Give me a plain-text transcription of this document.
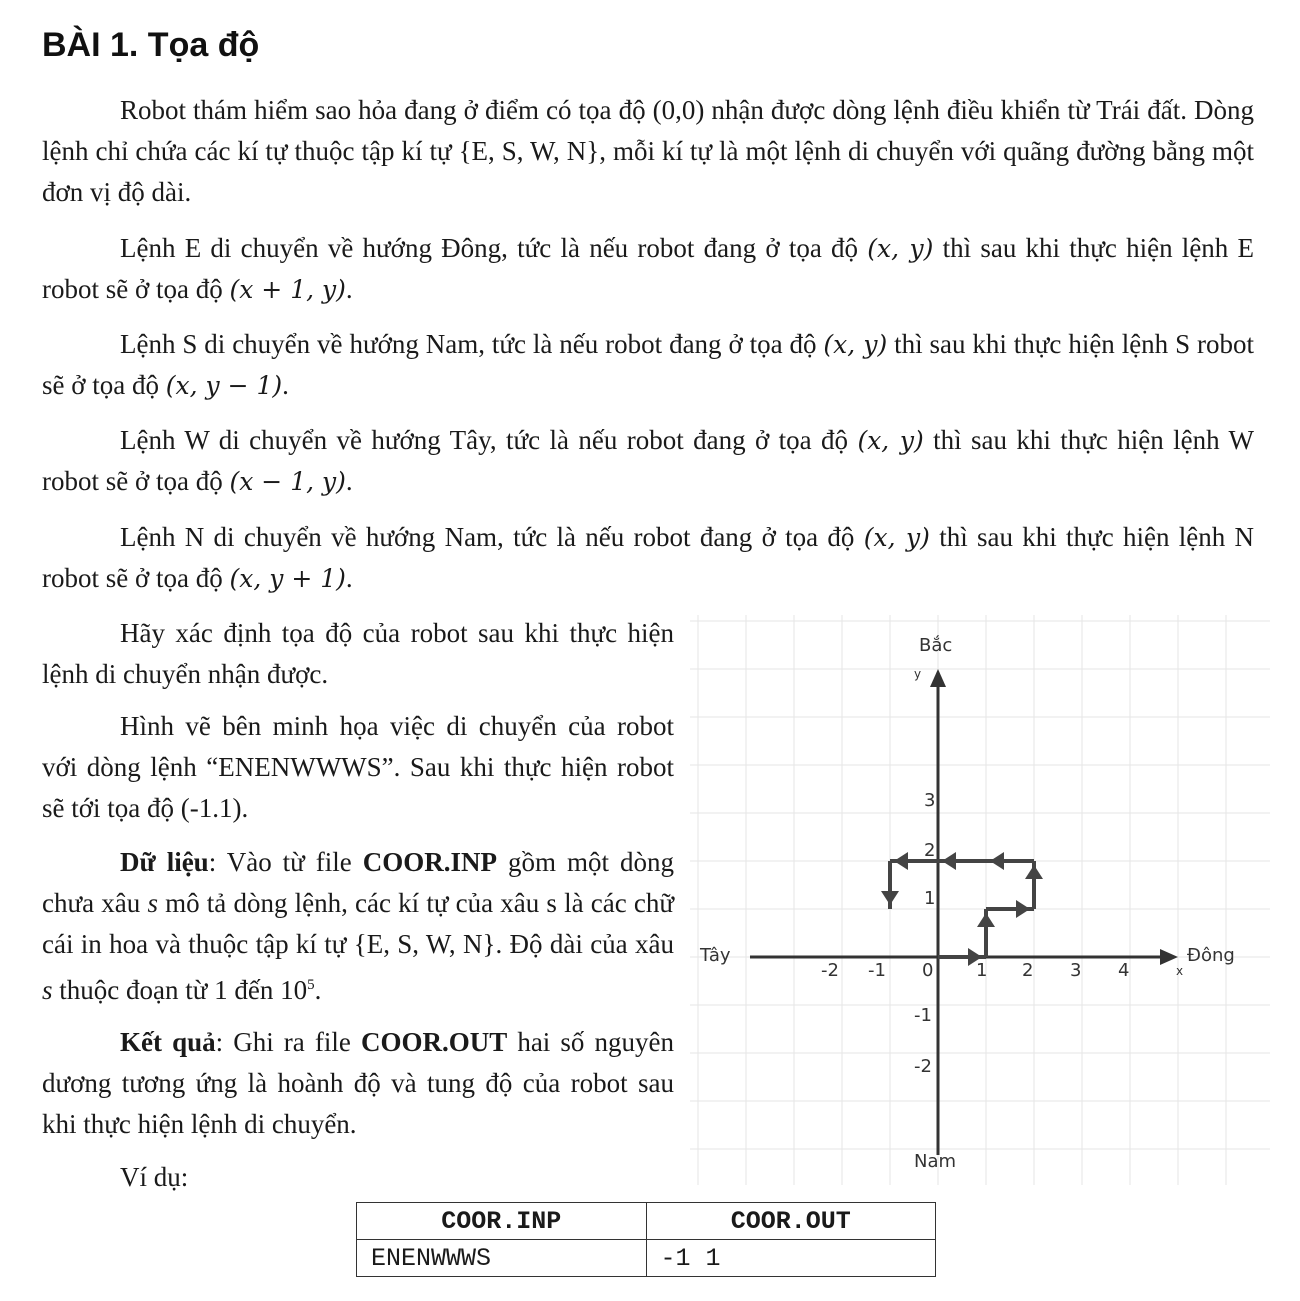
BÀI 1. Tọa độ

Robot thám hiểm sao hỏa đang ở điểm có tọa độ (0,0) nhận được dòng lệnh điều khiển từ Trái đất. Dòng lệnh chỉ chứa các kí tự thuộc tập kí tự {E, S, W, N}, mỗi kí tự là một lệnh di chuyển với quãng đường bằng một đơn vị độ dài.

Lệnh E di chuyển về hướng Đông, tức là nếu robot đang ở tọa độ (x, y) thì sau khi thực hiện lệnh E robot sẽ ở tọa độ (x + 1, y).

Lệnh S di chuyển về hướng Nam, tức là nếu robot đang ở tọa độ (x, y) thì sau khi thực hiện lệnh S robot sẽ ở tọa độ (x, y − 1).

Lệnh W di chuyển về hướng Tây, tức là nếu robot đang ở tọa độ (x, y) thì sau khi thực hiện lệnh W robot sẽ ở tọa độ (x − 1, y).

Lệnh N di chuyển về hướng Nam, tức là nếu robot đang ở tọa độ (x, y) thì sau khi thực hiện lệnh N robot sẽ ở tọa độ (x, y + 1).

Hãy xác định tọa độ của robot sau khi thực hiện lệnh di chuyển nhận được.

Hình vẽ bên minh họa việc di chuyển của robot với dòng lệnh “ENENWWWS”. Sau khi thực hiện robot sẽ tới tọa độ (-1.1).

Dữ liệu: Vào từ file COOR.INP gồm một dòng chưa xâu s mô tả dòng lệnh, các kí tự của xâu s là các chữ cái in hoa và thuộc tập kí tự {E, S, W, N}. Độ dài của xâu s thuộc đoạn từ 1 đến $10^5$.

Kết quả: Ghi ra file COOR.OUT hai số nguyên dương tương ứng là hoành độ và tung độ của robot sau khi thực hiện lệnh di chuyển.

Ví dụ:

Bắc
Nam
Tây	Đông
y
x
-2 -1 0 1 2 3 4
3
2
1
-1
-2
COOR.INP	COOR.OUT
ENENWWWS	-1 1
